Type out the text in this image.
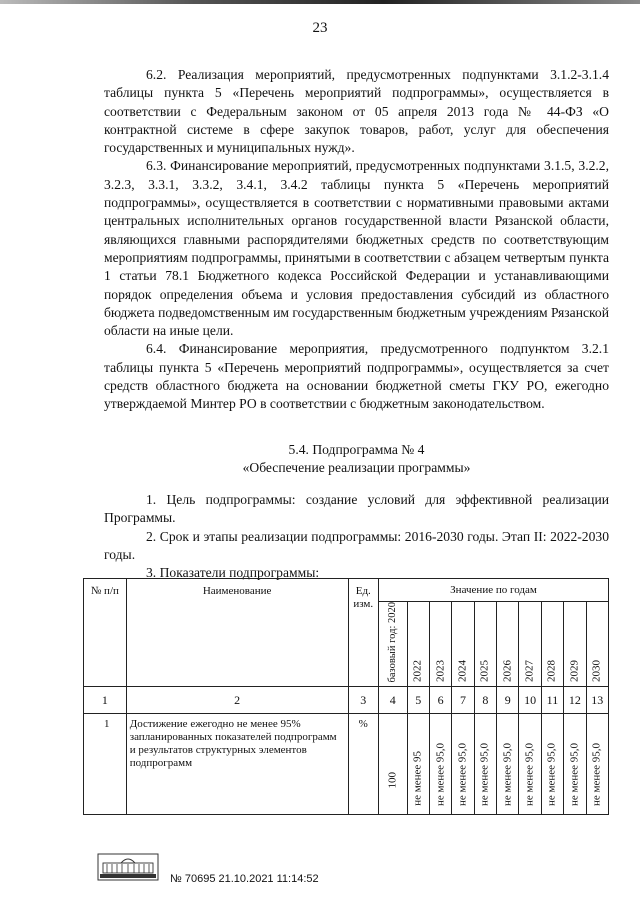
23

6.2. Реализация мероприятий, предусмотренных подпунктами 3.1.2-3.1.4 таблицы пункта 5 «Перечень мероприятий подпрограммы», осуществляется в соответствии с Федеральным законом от 05 апреля 2013 года № 44-ФЗ «О контрактной системе в сфере закупок товаров, работ, услуг для обеспечения государственных и муниципальных нужд».

6.3. Финансирование мероприятий, предусмотренных подпунктами 3.1.5, 3.2.2, 3.2.3, 3.3.1, 3.3.2, 3.4.1, 3.4.2 таблицы пункта 5 «Перечень мероприятий подпрограммы», осуществляется в соответствии с нормативными правовыми актами центральных исполнительных органов государственной власти Рязанской области, являющихся главными распорядителями бюджетных средств по соответствующим мероприятиям подпрограммы, принятыми в соответствии с абзацем четвертым пункта 1 статьи 78.1 Бюджетного кодекса Российской Федерации и устанавливающими порядок определения объема и условия предоставления субсидий из областного бюджета подведомственным им государственным бюджетным учреждениям Рязанской области на иные цели.

6.4. Финансирование мероприятия, предусмотренного подпунктом 3.2.1 таблицы пункта 5 «Перечень мероприятий подпрограммы», осуществляется за счет средств областного бюджета на основании бюджетной сметы ГКУ РО, ежегодно утверждаемой Минтер РО в соответствии с бюджетным законодательством.

5.4. Подпрограмма № 4
«Обеспечение реализации программы»

1. Цель подпрограммы: создание условий для эффективной реализации Программы.

2. Срок и этапы реализации подпрограммы: 2016-2030 годы. Этап II: 2022-2030 годы.

3. Показатели подпрограммы:

№ п/п	Наименование	Ед. изм.	Значение по годам									

			базовый год: 2020	2022	2023	2024	2025	2026	2027	2028	2029	2030

1	2	3	4	5	6	7	8	9	10	11	12	13
1	Достижение ежегодно не менее 95% запланированных показателей подпрограмм и результатов структурных элементов подпрограмм	%	100	не менее 95	не менее 95,0	не менее 95,0	не менее 95,0	не менее 95,0	не менее 95,0	не менее 95,0	не менее 95,0	не менее 95,0
№ 70695 21.10.2021 11:14:52
